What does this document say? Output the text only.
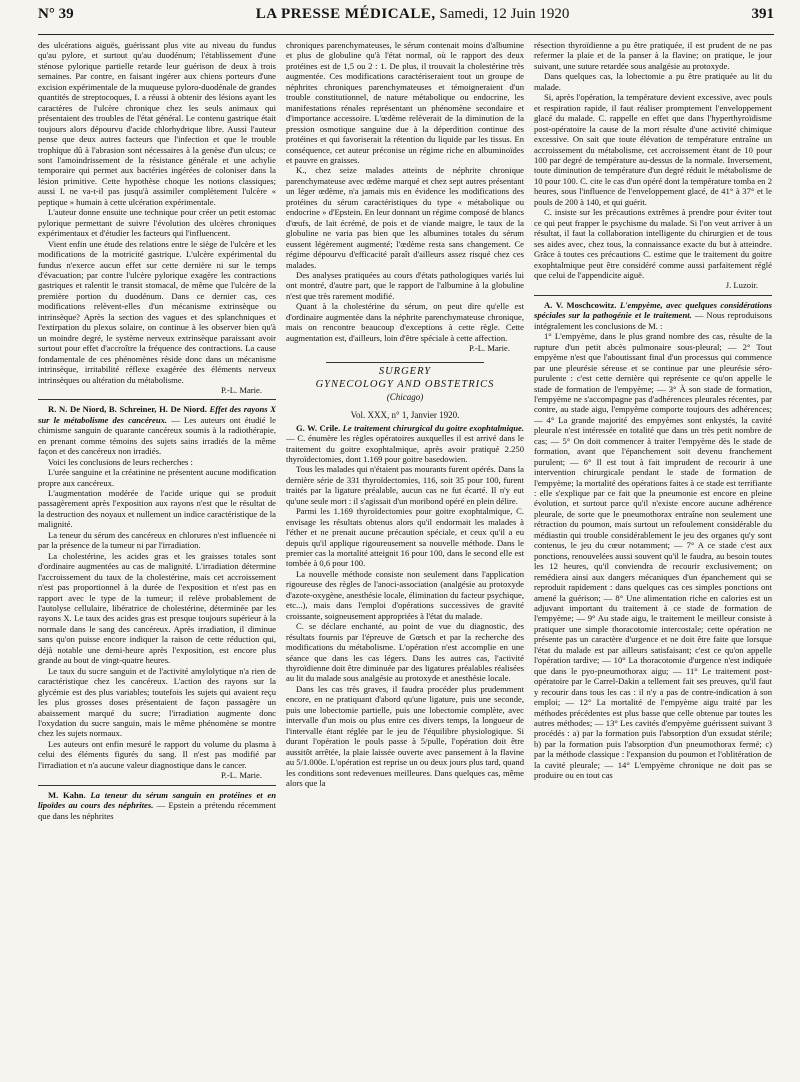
N° 39	LA PRESSE MÉDICALE, Samedi, 12 Juin 1920	391

des ulcérations aiguës, guérissant plus vite au niveau du fundus qu'au pylore, et surtout qu'au duodénum; l'établissement d'une sténose pylorique partielle retarde leur guérison de deux à trois semaines. Par contre, en faisant ingérer aux chiens porteurs d'une excision expérimentale de la muqueuse pyloro-duodénale de grandes quantités de streptocoques, I. a réussi à obtenir des lésions ayant les caractères de l'ulcère chronique chez les seuls animaux qui présentaient des troubles de l'état général. Le contenu gastrique était toujours alors dépourvu d'acide chlorhydrique libre. Aussi l'auteur pense que deux autres facteurs que l'infection et que le trouble trophique dû à l'abrasion sont nécessaires à la genèse d'un ulcus; ce sont l'amoindrissement de la résistance générale et une achylie temporaire qui permet aux bactéries ingérées de coloniser dans la lésion primitive. Cette hypothèse choque les notions classiques; aussi I. ne va-t-il pas jusqu'à assimiler complètement l'ulcère « peptique » humain à cette ulcération expérimentale.

L'auteur donne ensuite une technique pour créer un petit estomac pylorique permettant de suivre l'évolution des ulcères chroniques expérimentaux et d'étudier les facteurs qui l'influencent.

Vient enfin une étude des relations entre le siège de l'ulcère et les modifications de la motricité gastrique. L'ulcère expérimental du fundus n'exerce aucun effet sur cette dernière ni sur le temps d'évacuation; par contre l'ulcère pylorique exagère les contractions gastriques et ralentit le transit stomacal, de même que l'ulcère de la première portion du duodénum. Dans ce dernier cas, ces modifications relèvent-elles d'un mécanisme extrinsèque ou intrinsèque? Après la section des vagues et des splanchniques et l'extirpation du plexus solaire, on continue à les observer bien qu'à un moindre degré, le système nerveux extrinsèque paraissant avoir surtout pour effet d'accroître la fréquence des contractions. La cause fondamentale de ces phénomènes réside donc dans un mécanisme intrinsèque, irritabilité réflexe exagérée des éléments nerveux intrinsèques ou altération du métabolisme.

P.-L. Marie.

R. N. De Niord, B. Schreiner, H. De Niord. Effet des rayons X sur le métabolisme des cancéreux. — Les auteurs ont étudié le chimisme sanguin de quarante cancéreux soumis à la radiothérapie, en prenant comme témoins des sujets sains irradiés de la même façon et des cancéreux non irradiés.

Voici les conclusions de leurs recherches :

L'urée sanguine et la créatinine ne présentent aucune modification propre aux cancéreux.

L'augmentation modérée de l'acide urique qui se produit passagèrement après l'exposition aux rayons n'est que le résultat de la destruction des noyaux et nullement un indice caractéristique de la malignité.

La teneur du sérum des cancéreux en chlorures n'est influencée ni par la présence de la tumeur ni par l'irradiation.

La cholestérine, les acides gras et les graisses totales sont d'ordinaire augmentées au cas de malignité. L'irradiation détermine l'accroissement du taux de la cholestérine, mais cet accroissement n'est pas proportionnel à la durée de l'exposition et n'est pas en rapport avec le type de la tumeur; il relève probablement de l'autolyse cellulaire, libératrice de cholestérine, déterminée par les rayons X. Le taux des acides gras est presque toujours supérieur à la normale dans le sang des cancéreux. Après irradiation, il diminue sans qu'on puisse encore indiquer la raison de cette réduction qui, déjà notable une demi-heure après l'exposition, est encore plus grande au bout de vingt-quatre heures.

Le taux du sucre sanguin et de l'activité amylolytique n'a rien de caractéristique chez les cancéreux. L'action des rayons sur la glycémie est des plus variables; toutefois les sujets qui avaient reçu les plus grosses doses présentaient de façon passagère un abaissement marqué du sucre; l'irradiation augmente donc l'oxydation du sucre sanguin, mais le même phénomène se montre chez les sujets normaux.

Les auteurs ont enfin mesuré le rapport du volume du plasma à celui des éléments figurés du sang. Il n'est pas modifié par l'irradiation et n'a aucune valeur diagnostique dans le cancer.

P.-L. Marie.

M. Kahn. La teneur du sérum sanguin en protéines et en lipoïdes au cours des néphrites. — Epstein a prétendu récemment que dans les néphrites

chroniques parenchymateuses, le sérum contenait moins d'albumine et plus de globuline qu'à l'état normal, où le rapport des deux protéines est de 1,5 ou 2 : 1. De plus, il trouvait la cholestérine très augmentée. Ces modifications caractériseraient tout un groupe de néphrites chroniques parenchymateuses et témoigneraient d'un trouble constitutionnel, de nature métabolique ou endocrine, les manifestations rénales représentant un phénomène secondaire et d'importance accessoire. L'œdème relèverait de la diminution de la pression osmotique sanguine due à la déperdition continue des protéines et qui favoriserait la rétention du liquide par les tissus. En conséquence, cet auteur préconise un régime riche en albuminoïdes et pauvre en graisses.

K., chez seize malades atteints de néphrite chronique parenchymateuse avec œdème marqué et chez sept autres présentant un léger œdème, n'a jamais mis en évidence les modifications des protéines du sérum caractéristiques du type « métabolique ou endocrine » d'Epstein. En leur donnant un régime composé de blancs d'œufs, de lait écrémé, de pois et de viande maigre, le taux de la globuline ne varia pas bien que les albumines totales du sérum eussent légèrement augmenté; l'œdème resta sans changement. Ce régime dépourvu d'efficacité paraît d'ailleurs assez risqué chez ces malades.

Des analyses pratiquées au cours d'états pathologiques variés lui ont montré, d'autre part, que le rapport de l'albumine à la globuline n'est que très rarement modifié.

Quant à la cholestérine du sérum, on peut dire qu'elle est d'ordinaire augmentée dans la néphrite parenchymateuse chronique, mais on rencontre beaucoup d'exceptions à cette règle. Cette augmentation est, d'ailleurs, loin d'être spéciale à cette affection.

P.-L. Marie.
SURGERY
GYNECOLOGY AND OBSTETRICS
(Chicago)
Vol. XXX, n° 1, Janvier 1920.

G. W. Crile. Le traitement chirurgical du goitre exophtalmique. — C. énumère les règles opératoires auxquelles il est arrivé dans le traitement du goitre exophtalmique, après avoir pratiqué 2.250 thyroïdectomies, dont 1.169 pour goitre basedowien.

Tous les malades qui n'étaient pas mourants furent opérés. Dans la dernière série de 331 thyroïdectomies, 116, soit 35 pour 100, furent traités par la ligature préalable, aucun cas ne fut écarté. Il n'y eut qu'une seule mort : il s'agissait d'un moribond opéré en plein délire.

Parmi les 1.169 thyroïdectomies pour goitre exophtalmique, C. envisage les résultats obtenus alors qu'il endormait les malades à l'éther et ne prenait aucune précaution spéciale, et ceux qu'il a eu depuis qu'il applique rigoureusement sa nouvelle méthode. Dans le premier cas la mortalité atteignit 16 pour 100, dans le second elle est tombée à 0,6 pour 100.

La nouvelle méthode consiste non seulement dans l'application rigoureuse des règles de l'anoci-association (analgésie au protoxyde d'azote-oxygène, anesthésie locale, élimination du facteur psychique, etc...), mais dans l'emploi d'opérations successives de gravité croissante, soigneusement appropriées à l'état du malade.

C. se déclare enchanté, au point de vue du diagnostic, des résultats fournis par l'épreuve de Gœtsch et par la recherche des modifications du métabolisme. L'opération n'est accomplie en une séance que dans les cas légers. Dans les autres cas, l'activité thyroïdienne doit être diminuée par des ligatures préalables réalisées au lit du malade sous analgésie au protoxyde et anesthésie locale.

Dans les cas très graves, il faudra procéder plus prudemment encore, en ne pratiquant d'abord qu'une ligature, puis une seconde, puis une lobectomie partielle, puis une lobectomie complète, avec intervalle d'un mois ou plus entre ces divers temps, la longueur de l'intervalle étant réglée par le jeu de l'équilibre physiologique. Si durant l'opération le pouls passe à 5/pulle, l'opération doit être aussitôt arrêtée, la plaie laissée ouverte avec pansement à la flavine au 5/1.000e. L'opération est reprise un ou deux jours plus tard, quand les conditions sont redevenues meilleures. Dans quelques cas, même alors que la

résection thyroïdienne a pu être pratiquée, il est prudent de ne pas refermer la plaie et de la panser à la flavine; on pratique, le jour suivant, une suture retardée sous analgésie au protoxyde.

Dans quelques cas, la lobectomie a pu être pratiquée au lit du malade.

Si, après l'opération, la température devient excessive, avec pouls et respiration rapide, il faut réaliser promptement l'enveloppement glacé du malade. C. rappelle en effet que dans l'hyperthyroïdisme post-opératoire la cause de la mort résulte d'une activité chimique excessive. On sait que toute élévation de température entraîne un accroissement du métabolisme, cet accroissement étant de 10 pour 100 par degré de température au-dessus de la normale. Inversement, toute diminution de température d'un degré réduit le métabolisme de 10 pour 100. C. cite le cas d'un opéré dont la température tomba en 2 heures, sous l'influence de l'enveloppement glacé, de 41° à 37° et le pouls de 200 à 140, et qui guérit.

C. insiste sur les précautions extrêmes à prendre pour éviter tout ce qui peut frapper le psychisme du malade. Si l'on veut arriver à un résultat, il faut la collaboration intelligente du chirurgien et de tous ses aides avec, chez tous, la connaissance exacte du but à atteindre. Grâce à toutes ces précautions C. estime que le traitement du goitre exophtalmique peut être considéré comme aussi parfaitement réglé que celui de l'appendicite aiguë.

J. Luzoir.

A. V. Moschcowitz. L'empyème, avec quelques considérations spéciales sur la pathogénie et le traitement. — Nous reproduisons intégralement les conclusions de M. :

1° L'empyème, dans le plus grand nombre des cas, résulte de la rupture d'un petit abcès pulmonaire sous-pleural; — 2° Tout empyème n'est que l'aboutissant final d'un processus qui commence par une pleurésie séreuse et se continue par une pleurésie séro-purulente : c'est cette dernière qui représente ce qu'on appelle le stade de formation de l'empyème; — 3° À son stade de formation, l'empyème ne s'accompagne pas d'adhérences pleurales récentes, par contre, au stade aigu, l'empyème comporte toujours des adhérences; — 4° La grande majorité des empyèmes sont enkystés, la cavité pleurale n'est intéressée en totalité que dans un très petit nombre de cas; — 5° On doit commencer à traiter l'empyème dès le stade de formation, avant que l'épanchement soit devenu franchement purulent; — 6° Il est tout à fait imprudent de recourir à une intervention chirurgicale pendant le stade de formation de l'empyème; la mortalité des opérations faites à ce stade est terrifiante : elle s'explique par ce fait que la pneumonie est encore en pleine évolution, et surtout parce qu'il n'existe encore aucune adhérence pleurale, de sorte que le pneumothorax entraîne non seulement une rétraction du poumon, mais surtout un refoulement considérable du médiastin qui trouble considérablement le jeu des organes qu'y sont contenus, le jeu du cœur notamment; — 7° A ce stade c'est aux ponctions, renouvelées aussi souvent qu'il le faudra, au besoin toutes les 12 heures, qu'il conviendra de recourir exclusivement; on remédiera ainsi aux dangers mécaniques d'un épanchement qui se reproduit rapidement : dans quelques cas ces simples ponctions ont amené la guérison; — 8° Une alimentation riche en calories est un adjuvant important du traitement à ce stade de formation de l'empyème; — 9° Au stade aigu, le traitement le meilleur consiste à pratiquer une simple thoracotomie intercostale; cette opération ne présente pas un caractère d'urgence et ne doit être faite que lorsque l'état du malade est par ailleurs satisfaisant; c'est ce qu'on appelle l'opération tardive; — 10° La thoracotomie d'urgence n'est indiquée que dans le pyo-pneumothorax aigu; — 11° Le traitement post-opératoire par le Carrel-Dakin a tellement fait ses preuves, qu'il faut y recourir dans tous les cas : il n'y a pas de contre-indication à son emploi; — 12° La mortalité de l'empyème aigu traité par les méthodes précédentes est plus basse que celle obtenue par toutes les autres méthodes; — 13° Les cavités d'empyème guérissent suivant 3 procédés : a) par la formation puis l'absorption d'un exsudat stérile; b) par la formation puis l'absorption d'un pneumothorax fermé; c) par la méthode classique : l'expansion du poumon et l'oblitération de la cavité pleurale; — 14° L'empyème chronique ne doit pas se produire ou en tout cas
